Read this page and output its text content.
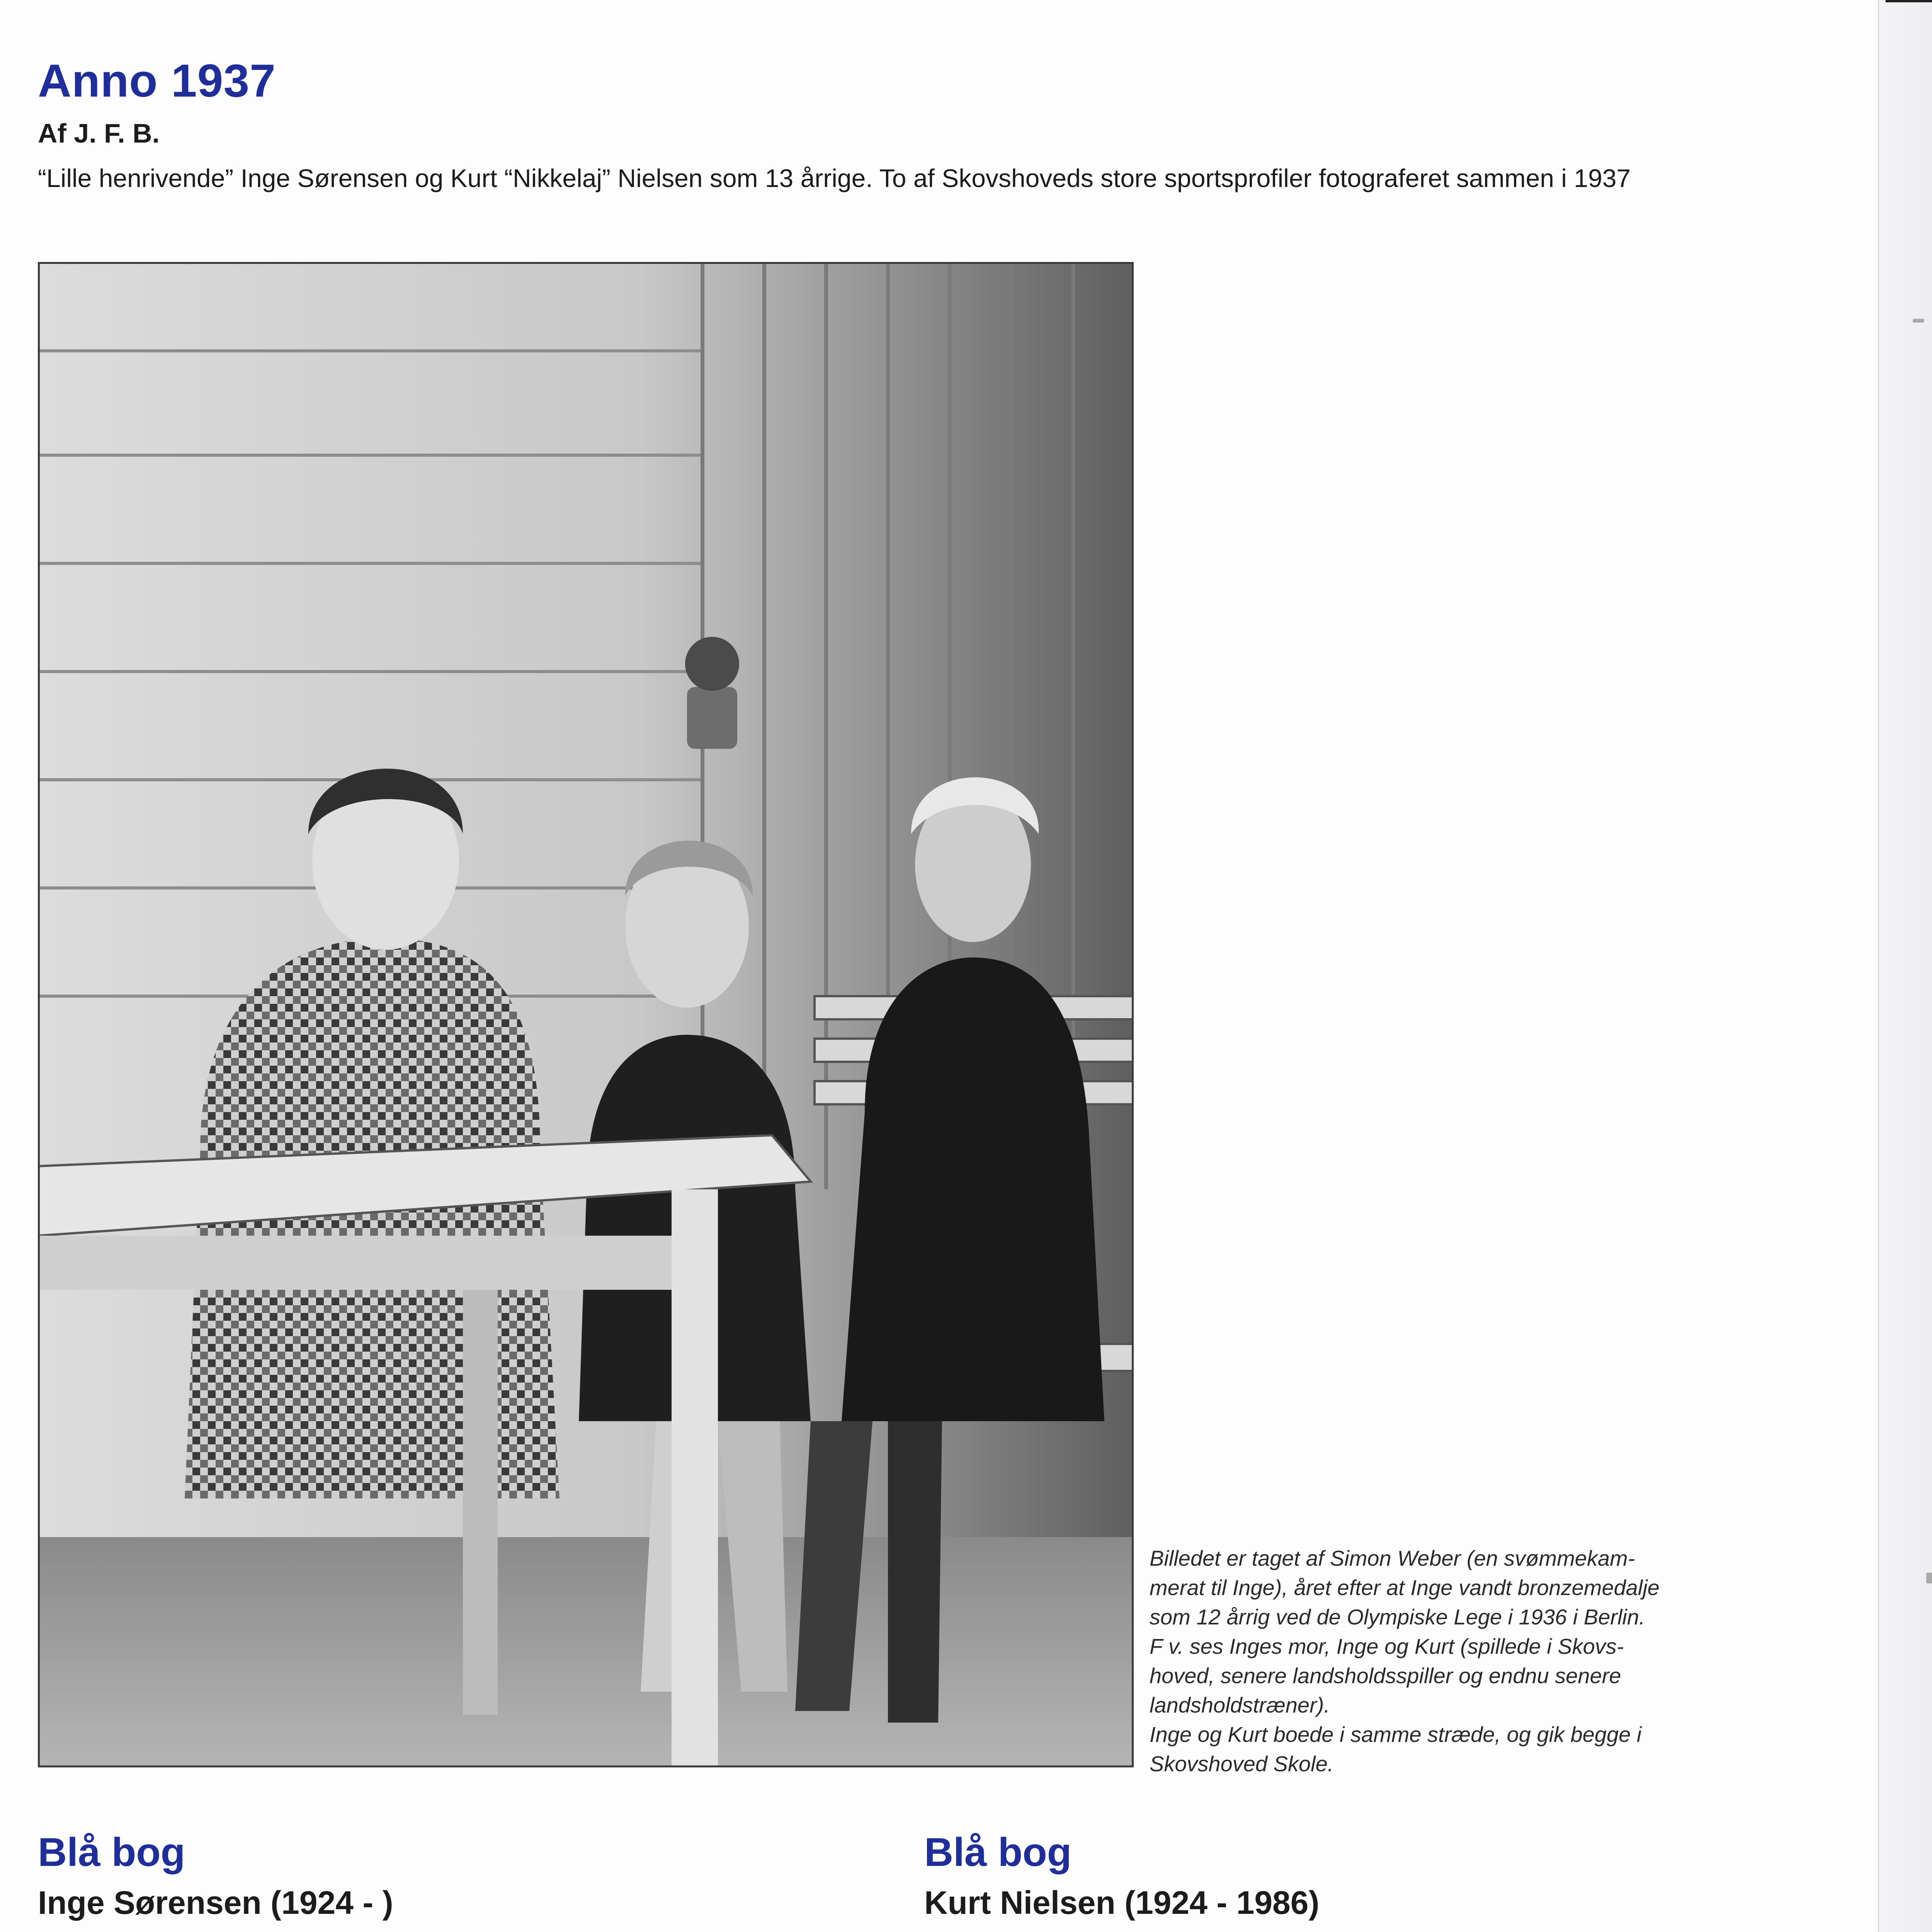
Anno 1937
Af J. F. B.
“Lille henrivende” Inge Sørensen og Kurt “Nikkelaj” Nielsen som 13 årrige. To af Skovshoveds store sportsprofiler fotograferet sammen i 1937

Billedet er taget af Simon Weber (en svømmekam-

merat til Inge), året efter at Inge vandt bronzemedalje

som 12 årrig ved de Olympiske Lege i 1936 i Berlin.

F v. ses Inges mor, Inge og Kurt (spillede i Skovs-

hoved, senere landsholdsspiller og endnu senere

landsholdstræner).

Inge og Kurt boede i samme stræde, og gik begge i

Skovshoved Skole.

Blå bog
Inge Sørensen (1924 - )

Blå bog
Kurt Nielsen (1924 - 1986)
